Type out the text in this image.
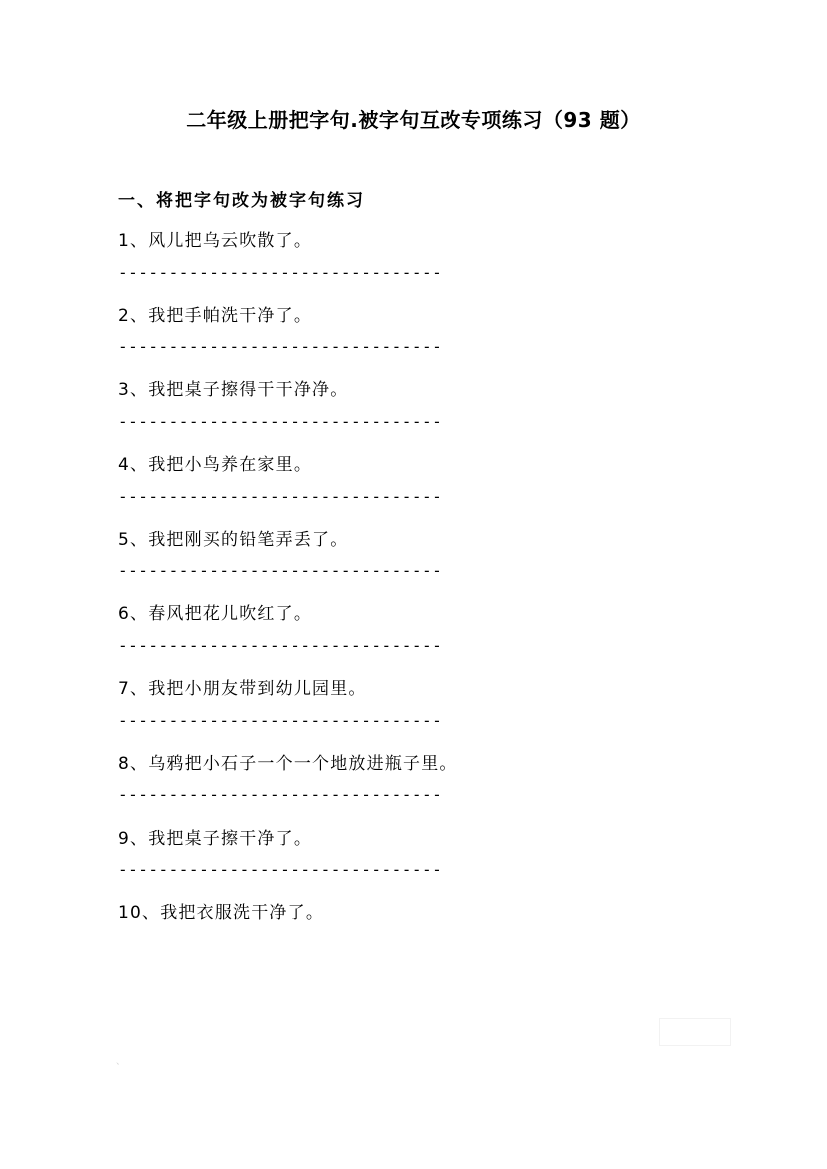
二年级上册把字句.被字句互改专项练习（93 题）
一、将把字句改为被字句练习
1、风儿把乌云吹散了。
--------------------------------
2、我把手帕洗干净了。
--------------------------------
3、我把桌子擦得干干净净。
--------------------------------
4、我把小鸟养在家里。
--------------------------------
5、我把刚买的铅笔弄丢了。
--------------------------------
6、春风把花儿吹红了。
--------------------------------
7、我把小朋友带到幼儿园里。
--------------------------------
8、乌鸦把小石子一个一个地放进瓶子里。
--------------------------------
9、我把桌子擦干净了。
--------------------------------
10、我把衣服洗干净了。
、
